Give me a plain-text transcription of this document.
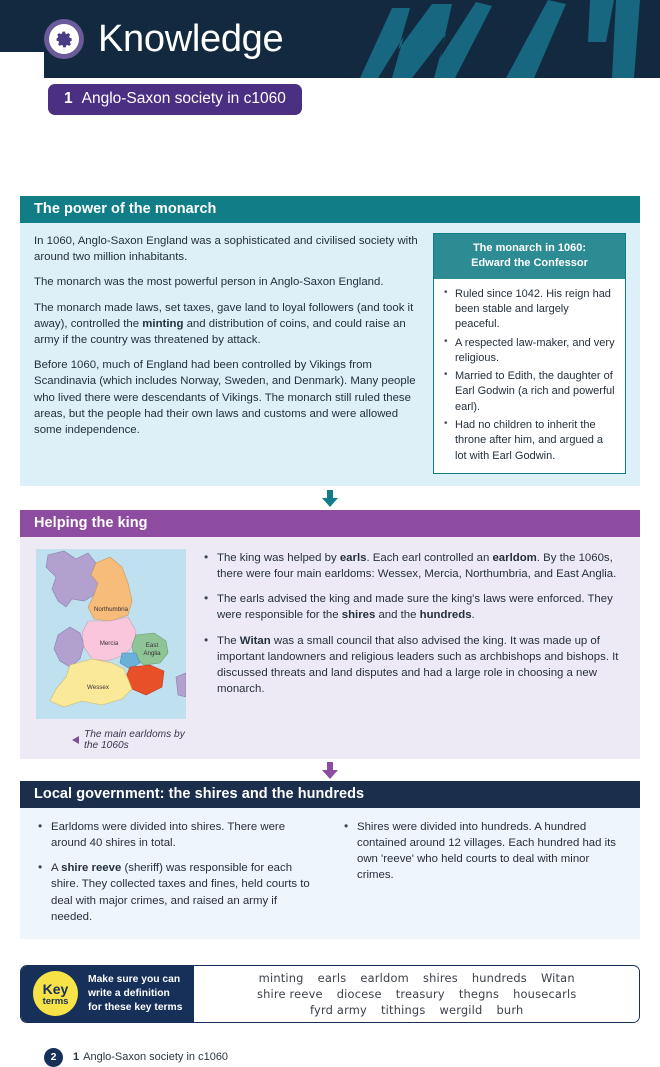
Knowledge
1 Anglo-Saxon society in c1060
The power of the monarch

In 1060, Anglo-Saxon England was a sophisticated and civilised society with around two million inhabitants.

The monarch was the most powerful person in Anglo-Saxon England.

The monarch made laws, set taxes, gave land to loyal followers (and took it away), controlled the minting and distribution of coins, and could raise an army if the country was threatened by attack.

Before 1060, much of England had been controlled by Vikings from Scandinavia (which includes Norway, Sweden, and Denmark). Many people who lived there were descendants of Vikings. The monarch still ruled these areas, but the people had their own laws and customs and were allowed some independence.

The monarch in 1060:
Edward the Confessor
• Ruled since 1042. His reign had been stable and largely peaceful.
• A respected law-maker, and very religious.
• Married to Edith, the daughter of Earl Godwin (a rich and powerful earl).
• Had no children to inherit the throne after him, and argued a lot with Earl Godwin.
Helping the king
Northumbria
Mercia	East
Anglia
Wessex
The main earldoms by the 1060s
• The king was helped by earls. Each earl controlled an earldom. By the 1060s, there were four main earldoms: Wessex, Mercia, Northumbria, and East Anglia.
• The earls advised the king and made sure the king's laws were enforced. They were responsible for the shires and the hundreds.
• The Witan was a small council that also advised the king. It was made up of important landowners and religious leaders such as archbishops and bishops. It discussed threats and land disputes and had a large role in choosing a new monarch.
Local government: the shires and the hundreds
• Earldoms were divided into shires. There were around 40 shires in total.
• A shire reeve (sheriff) was responsible for each shire. They collected taxes and fines, held courts to deal with major crimes, and raised an army if needed.
• Shires were divided into hundreds. A hundred contained around 12 villages. Each hundred had its own 'reeve' who held courts to deal with minor crimes.
Key
terms
Make sure you can
write a definition
for these key terms
minting earls earldom shires hundreds Witan
shire reeve diocese treasury thegns housecarls
fyrd army tithings wergild burh
2	1 Anglo-Saxon society in c1060
